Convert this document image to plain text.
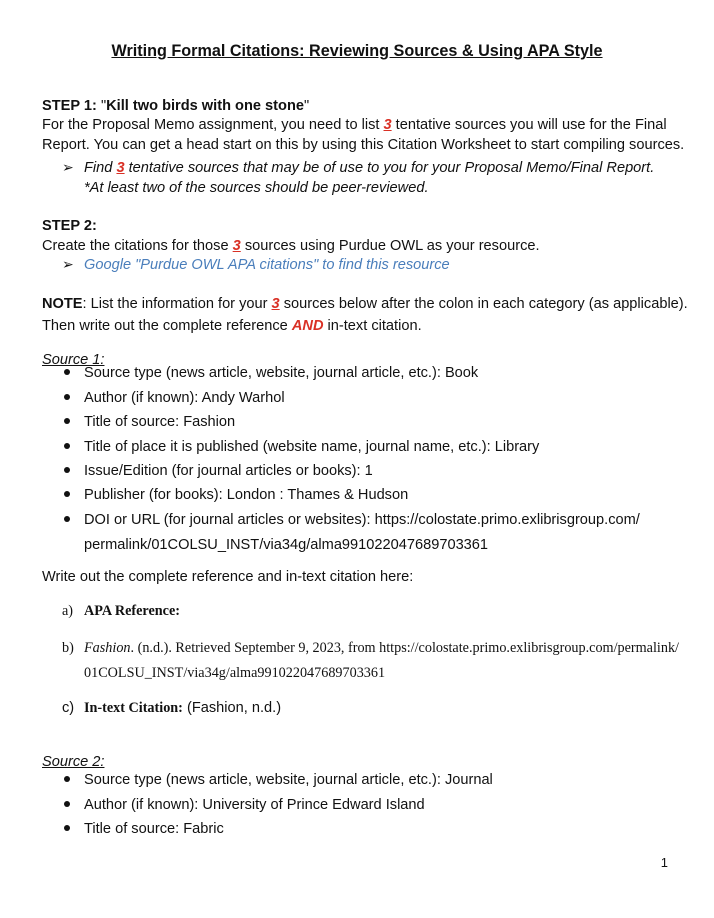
Writing Formal Citations: Reviewing Sources & Using APA Style
STEP 1: "Kill two birds with one stone"
For the Proposal Memo assignment, you need to list 3 tentative sources you will use for the Final
Report. You can get a head start on this by using this Citation Worksheet to start compiling sources.
➢ Find 3 tentative sources that may be of use to you for your Proposal Memo/Final Report.
*At least two of the sources should be peer-reviewed.
STEP 2:
Create the citations for those 3 sources using Purdue OWL as your resource.
➢ Google "Purdue OWL APA citations" to find this resource
NOTE: List the information for your 3 sources below after the colon in each category (as applicable).
Then write out the complete reference AND in-text citation.
Source 1:
Source type (news article, website, journal article, etc.): Book
Author (if known): Andy Warhol
Title of source: Fashion
Title of place it is published (website name, journal name, etc.): Library
Issue/Edition (for journal articles or books): 1
Publisher (for books): London : Thames & Hudson
DOI or URL (for journal articles or websites): https://colostate.primo.exlibrisgroup.com/
permalink/01COLSU_INST/via34g/alma991022047689703361
Write out the complete reference and in-text citation here:
a) APA Reference:
b) Fashion. (n.d.). Retrieved September 9, 2023, from https://colostate.primo.exlibrisgroup.com/permalink/
01COLSU_INST/via34g/alma991022047689703361
c) In-text Citation: (Fashion, n.d.)
Source 2:
Source type (news article, website, journal article, etc.): Journal
Author (if known): University of Prince Edward Island
Title of source: Fabric
1
